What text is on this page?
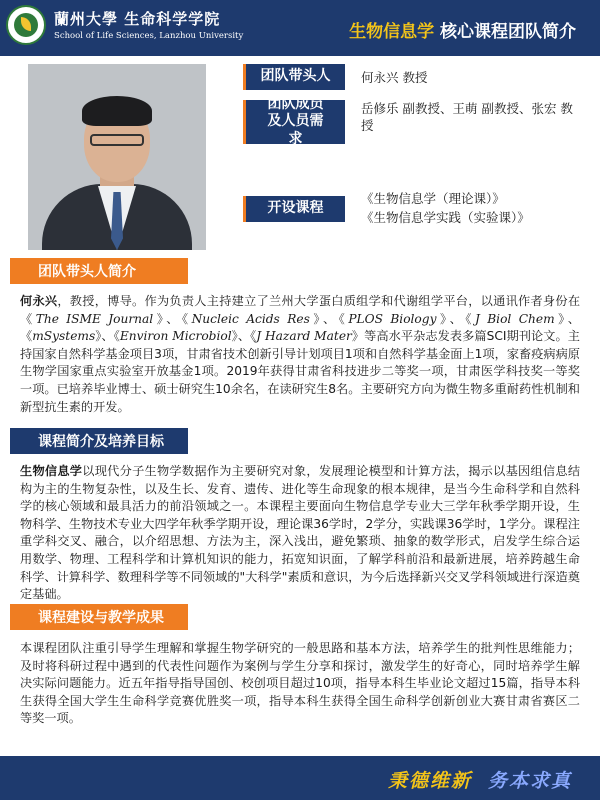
蘭州大學 生命科学学院
School of Life Sciences, Lanzhou University	生物信息学 核心课程团队简介
团队带头人	何永兴 教授
团队成员及人员需求
岳修乐 副教授、王萌 副教授、张宏 教授
开设课程
《生物信息学（理论课）》
《生物信息学实践（实验课）》
团队带头人简介
何永兴，教授，博导。作为负责人主持建立了兰州大学蛋白质组学和代谢组学平台，以通讯作者身份在《The ISME Journal》、《Nucleic Acids Res》、《PLOS Biology》、《J Biol Chem》、《mSystems》、《Environ Microbiol》、《J Hazard Mater》等高水平杂志发表多篇SCI期刊论文。主持国家自然科学基金项目3项，甘肃省技术创新引导计划项目1项和自然科学基金面上1项，家畜疫病病原生物学国家重点实验室开放基金1项。2019年获得甘肃省科技进步二等奖一项，甘肃医学科技奖一等奖一项。已培养毕业博士、硕士研究生10余名，在读研究生8名。主要研究方向为微生物多重耐药性机制和新型抗生素的开发。
课程简介及培养目标
生物信息学以现代分子生物学数据作为主要研究对象，发展理论模型和计算方法，揭示以基因组信息结构为主的生物复杂性，以及生长、发育、遗传、进化等生命现象的根本规律，是当今生命科学和自然科学的核心领域和最具活力的前沿领域之一。本课程主要面向生物信息学专业大三学年秋季学期开设，生物科学、生物技术专业大四学年秋季学期开设，理论课36学时，2学分，实践课36学时，1学分。课程注重学科交叉、融合，以介绍思想、方法为主，深入浅出，避免繁琐、抽象的数学形式，启发学生综合运用数学、物理、工程科学和计算机知识的能力，拓宽知识面，了解学科前沿和最新进展，培养跨越生命科学、计算科学、数理科学等不同领域的"大科学"素质和意识，为今后选择新兴交叉学科领域进行深造奠定基础。
课程建设与教学成果
本课程团队注重引导学生理解和掌握生物学研究的一般思路和基本方法，培养学生的批判性思维能力；及时将科研过程中遇到的代表性问题作为案例与学生分享和探讨，激发学生的好奇心，同时培养学生解决实际问题能力。近五年指导指导国创、校创项目超过10项，指导本科生毕业论文超过15篇，指导本科生获得全国大学生生命科学竞赛优胜奖一项，指导本科生获得全国生命科学创新创业大赛甘肃省赛区二等奖一项。
秉德维新 务本求真
